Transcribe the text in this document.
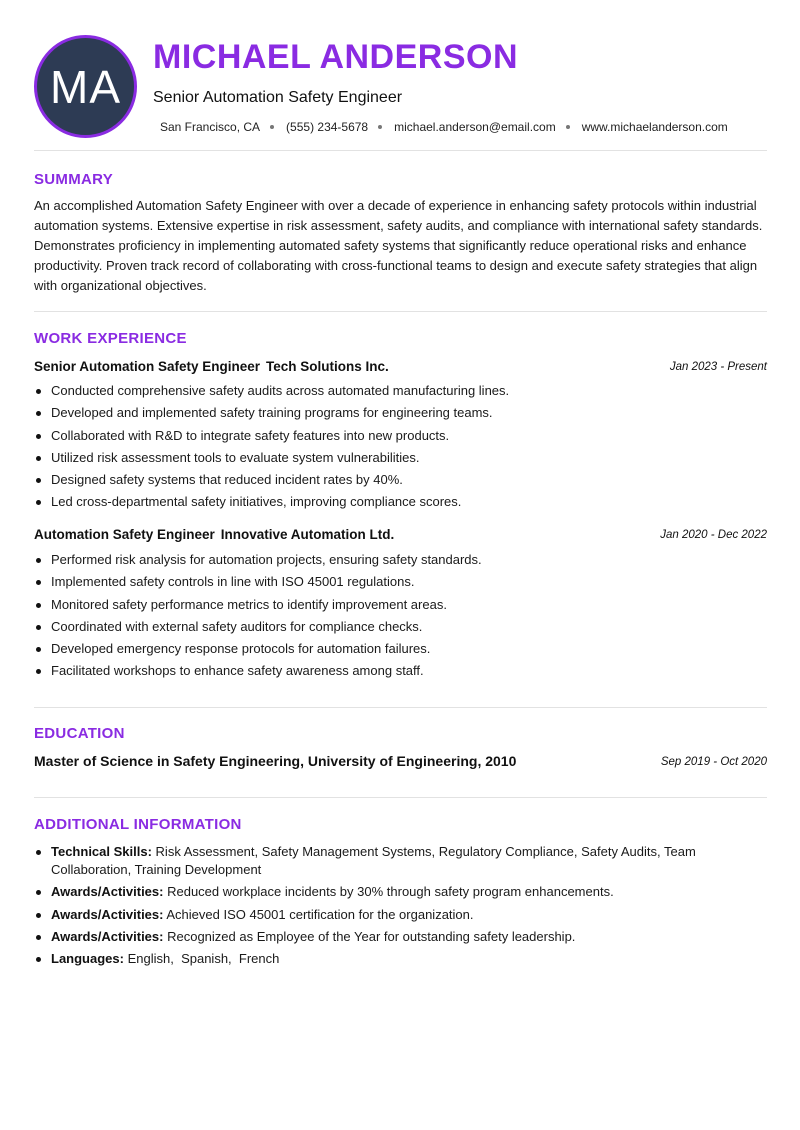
MA
MICHAEL ANDERSON
Senior Automation Safety Engineer
San Francisco, CA (555) 234-5678 michael.anderson@email.com www.michaelanderson.com
SUMMARY

An accomplished Automation Safety Engineer with over a decade of experience in enhancing safety protocols within industrial automation systems. Extensive expertise in risk assessment, safety audits, and compliance with international safety standards. Demonstrates proficiency in implementing automated safety systems that significantly reduce operational risks and enhance productivity. Proven track record of collaborating with cross-functional teams to design and execute safety strategies that align with organizational objectives.

WORK EXPERIENCE
Senior Automation Safety Engineer Tech Solutions Inc.	Jan 2023 - Present
Conducted comprehensive safety audits across automated manufacturing lines.
Developed and implemented safety training programs for engineering teams.
Collaborated with R&D to integrate safety features into new products.
Utilized risk assessment tools to evaluate system vulnerabilities.
Designed safety systems that reduced incident rates by 40%.
Led cross-departmental safety initiatives, improving compliance scores.
Automation Safety Engineer Innovative Automation Ltd.	Jan 2020 - Dec 2022
Performed risk analysis for automation projects, ensuring safety standards.
Implemented safety controls in line with ISO 45001 regulations.
Monitored safety performance metrics to identify improvement areas.
Coordinated with external safety auditors for compliance checks.
Developed emergency response protocols for automation failures.
Facilitated workshops to enhance safety awareness among staff.
EDUCATION
Master of Science in Safety Engineering, University of Engineering, 2010	Sep 2019 - Oct 2020
ADDITIONAL INFORMATION
Technical Skills: Risk Assessment, Safety Management Systems, Regulatory Compliance, Safety Audits, Team Collaboration, Training Development
Awards/Activities: Reduced workplace incidents by 30% through safety program enhancements.
Awards/Activities: Achieved ISO 45001 certification for the organization.
Awards/Activities: Recognized as Employee of the Year for outstanding safety leadership.
Languages: English,  Spanish,  French
